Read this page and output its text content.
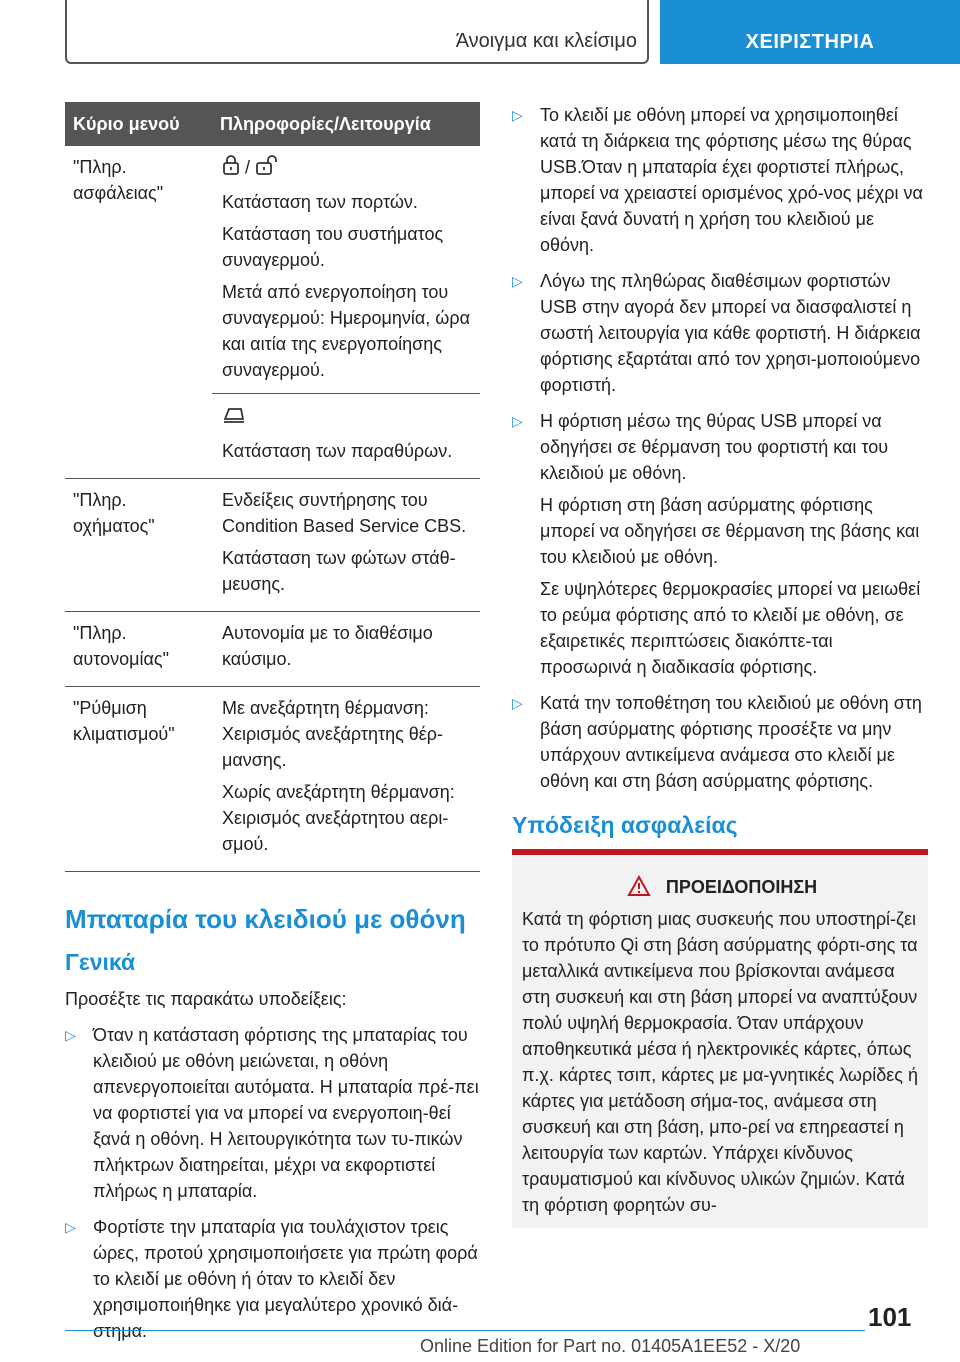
Άνοιγμα και κλείσιμο	ΧΕΙΡΙΣΤΗΡΙΑ
Κύριο μενού	Πληροφορίες/Λειτουργία
"Πληρ. ασφάλειας"	/

Κατάσταση των πορτών.

Κατάσταση του συστήματος συναγερμού.

Μετά από ενεργοποίηση του συναγερμού: Ημερομηνία, ώρα και αιτία της ενεργοποίησης συναγερμού.

Κατάσταση των παραθύρων.

"Πληρ. οχήματος"	Ενδείξεις συντήρησης του Condition Based Service CBS.

Κατάσταση των φώτων στάθ-μευσης.

"Πληρ. αυτονομίας"	Αυτονομία με το διαθέσιμο καύσιμο.

"Ρύθμιση κλιματισμού"	Με ανεξάρτητη θέρμανση: Χειρισμός ανεξάρτητης θέρ-μανσης.

Χωρίς ανεξάρτητη θέρμανση: Χειρισμός ανεξάρτητου αερι-σμού.

Μπαταρία του κλειδιού με οθόνη
Γενικά

Προσέξτε τις παρακάτω υποδείξεις:

▷ Όταν η κατάσταση φόρτισης της μπαταρίας του κλειδιού με οθόνη μειώνεται, η οθόνη απενεργοποιείται αυτόματα. Η μπαταρία πρέ-πει να φορτιστεί για να μπορεί να ενεργοποιη-θεί ξανά η οθόνη. Η λειτουργικότητα των τυ-πικών πλήκτρων διατηρείται, μέχρι να εκφορτιστεί πλήρως η μπαταρία.

▷ Φορτίστε την μπαταρία για τουλάχιστον τρεις ώρες, προτού χρησιμοποιήσετε για πρώτη φορά το κλειδί με οθόνη ή όταν το κλειδί δεν χρησιμοποιήθηκε για μεγαλύτερο χρονικό διά-στημα.

▷ Το κλειδί με οθόνη μπορεί να χρησιμοποιηθεί κατά τη διάρκεια της φόρτισης μέσω της θύρας USB.Όταν η μπαταρία έχει φορτιστεί πλήρως, μπορεί να χρειαστεί ορισμένος χρό-νος μέχρι να είναι ξανά δυνατή η χρήση του κλειδιού με οθόνη.

▷ Λόγω της πληθώρας διαθέσιμων φορτιστών USB στην αγορά δεν μπορεί να διασφαλιστεί η σωστή λειτουργία για κάθε φορτιστή. Η διάρκεια φόρτισης εξαρτάται από τον χρησι-μοποιούμενο φορτιστή.

▷ Η φόρτιση μέσω της θύρας USB μπορεί να οδηγήσει σε θέρμανση του φορτιστή και του κλειδιού με οθόνη.

Η φόρτιση στη βάση ασύρματης φόρτισης μπορεί να οδηγήσει σε θέρμανση της βάσης και του κλειδιού με οθόνη.

Σε υψηλότερες θερμοκρασίες μπορεί να μειωθεί το ρεύμα φόρτισης από το κλειδί με οθόνη, σε εξαιρετικές περιπτώσεις διακόπτε-ται προσωρινά η διαδικασία φόρτισης.

▷ Κατά την τοποθέτηση του κλειδιού με οθόνη στη βάση ασύρματης φόρτισης προσέξτε να μην υπάρχουν αντικείμενα ανάμεσα στο κλειδί με οθόνη και στη βάση ασύρματης φόρτισης.

Υπόδειξη ασφαλείας
ΠΡΟΕΙΔΟΠΟΙΗΣΗ
Κατά τη φόρτιση μιας συσκευής που υποστηρί-ζει το πρότυπο Qi στη βάση ασύρματης φόρτι-σης τα μεταλλικά αντικείμενα που βρίσκονται ανάμεσα στη συσκευή και στη βάση μπορεί να αναπτύξουν πολύ υψηλή θερμοκρασία. Όταν υπάρχουν αποθηκευτικά μέσα ή ηλεκτρονικές κάρτες, όπως π.χ. κάρτες τσιπ, κάρτες με μα-γνητικές λωρίδες ή κάρτες για μετάδοση σήμα-τος, ανάμεσα στη συσκευή και στη βάση, μπο-ρεί να επηρεαστεί η λειτουργία των καρτών. Υπάρχει κίνδυνος τραυματισμού και κίνδυνος υλικών ζημιών. Κατά τη φόρτιση φορητών συ-
101
Online Edition for Part no. 01405A1EE52 - X/20
